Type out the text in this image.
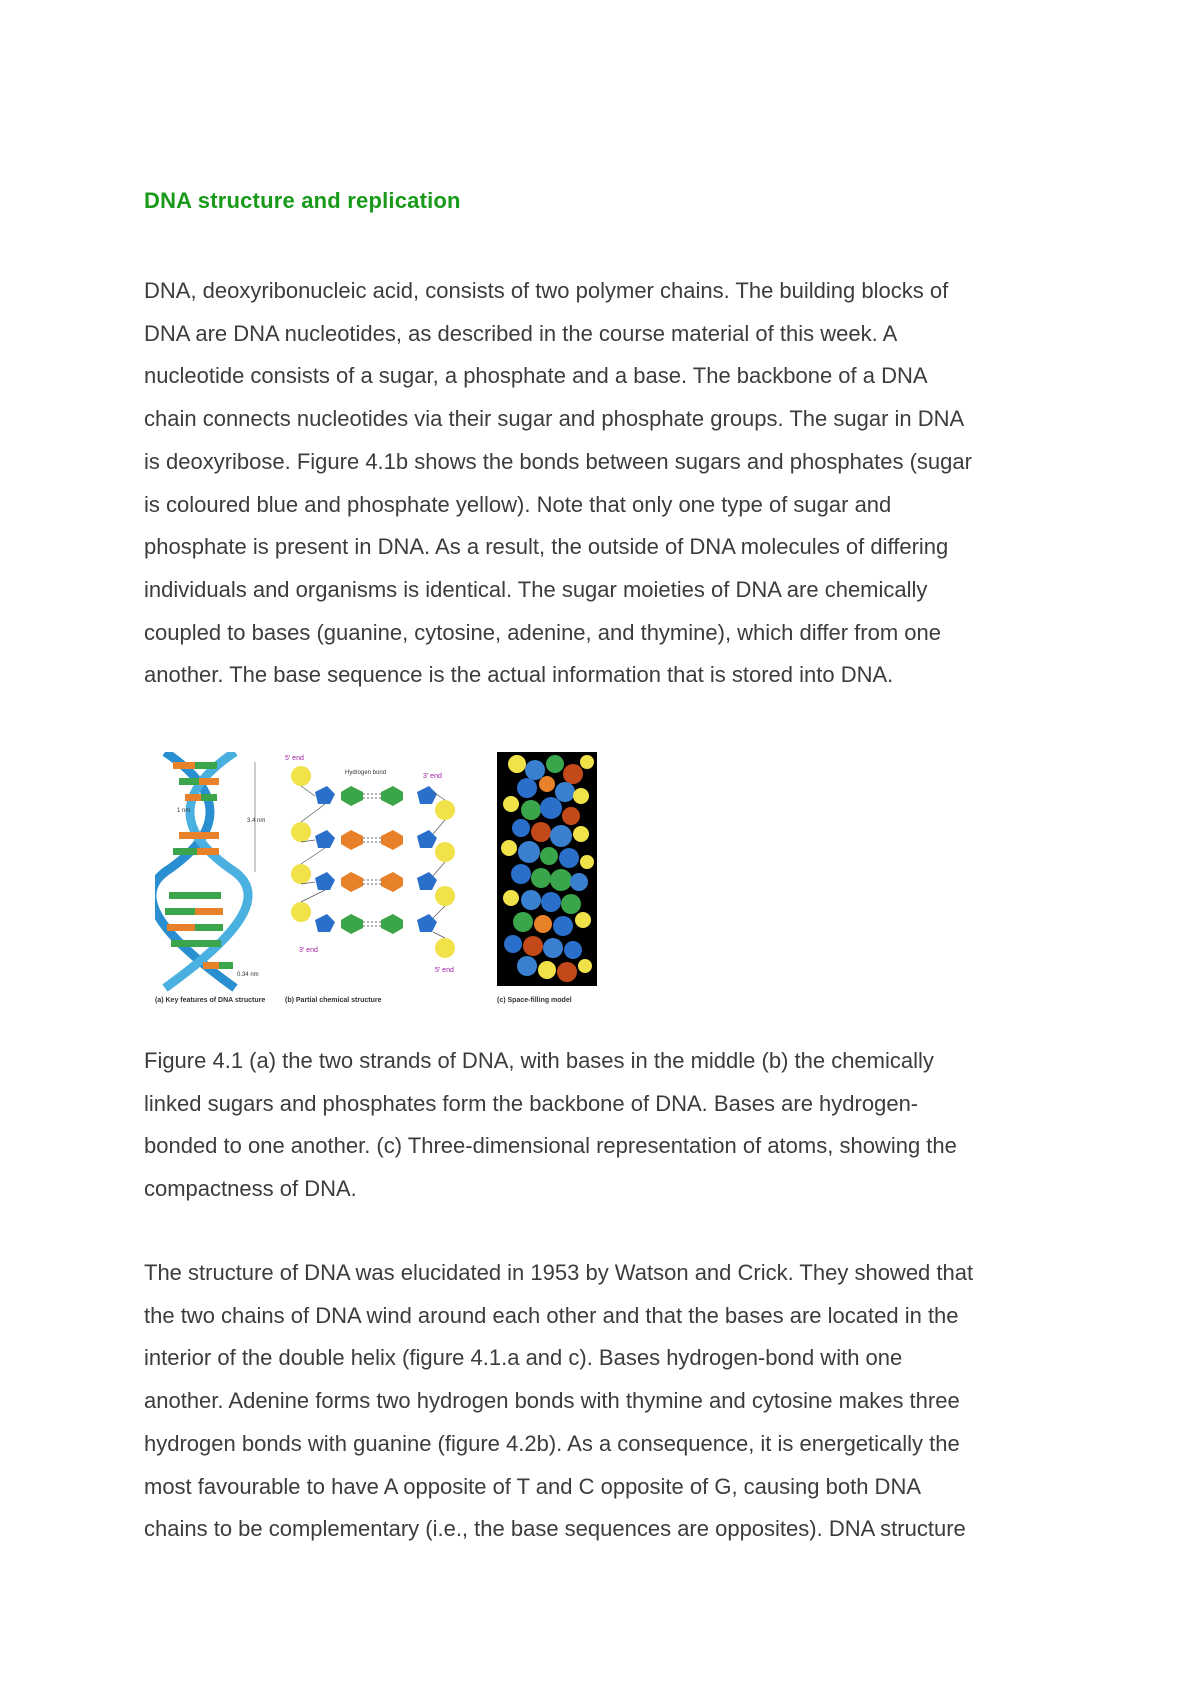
DNA structure and replication

DNA, deoxyribonucleic acid, consists of two polymer chains. The building blocks of
DNA are DNA nucleotides, as described in the course material of this week. A
nucleotide consists of a sugar, a phosphate and a base. The backbone of a DNA
chain connects nucleotides via their sugar and phosphate groups. The sugar in DNA
is deoxyribose. Figure 4.1b shows the bonds between sugars and phosphates (sugar
is coloured blue and phosphate yellow). Note that only one type of sugar and
phosphate is present in DNA. As a result, the outside of DNA molecules of differing
individuals and organisms is identical. The sugar moieties of DNA are chemically
coupled to bases (guanine, cytosine, adenine, and thymine), which differ from one
another. The base sequence is the actual information that is stored into DNA.

3.4 nm
1 nm
0.34 nm
(a) Key features of DNA structure
5' end
3' end
Hydrogen bond
3' end
5' end
(b) Partial chemical structure	(c) Space-filling model

Figure 4.1 (a) the two strands of DNA, with bases in the middle (b) the chemically
linked sugars and phosphates form the backbone of DNA. Bases are hydrogen-
bonded to one another. (c) Three-dimensional representation of atoms, showing the
compactness of DNA.

The structure of DNA was elucidated in 1953 by Watson and Crick. They showed that
the two chains of DNA wind around each other and that the bases are located in the
interior of the double helix (figure 4.1.a and c). Bases hydrogen-bond with one
another. Adenine forms two hydrogen bonds with thymine and cytosine makes three
hydrogen bonds with guanine (figure 4.2b). As a consequence, it is energetically the
most favourable to have A opposite of T and C opposite of G, causing both DNA
chains to be complementary (i.e., the base sequences are opposites). DNA structure
